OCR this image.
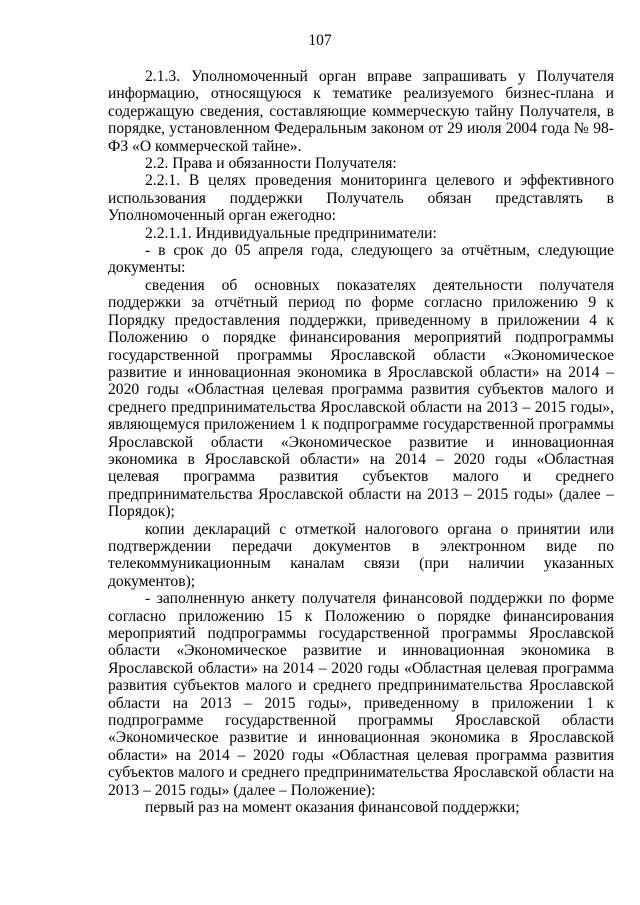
107

2.1.3. Уполномоченный орган вправе запрашивать у Получателя информацию, относящуюся к тематике реализуемого бизнес-плана и содержащую сведения, составляющие коммерческую тайну Получателя, в порядке, установленном Федеральным законом от 29 июля 2004 года № 98-ФЗ «О коммерческой тайне».

2.2. Права и обязанности Получателя:

2.2.1. В целях проведения мониторинга целевого и эффективного использования поддержки Получатель обязан представлять в Уполномоченный орган ежегодно:

2.2.1.1. Индивидуальные предприниматели:

- в срок до 05 апреля года, следующего за отчётным, следующие документы:

сведения об основных показателях деятельности получателя поддержки за отчётный период по форме согласно приложению 9 к Порядку предоставления поддержки, приведенному в приложении 4 к Положению о порядке финансирования мероприятий подпрограммы государственной программы Ярославской области «Экономическое развитие и инновационная экономика в Ярославской области» на 2014 – 2020 годы «Областная целевая программа развития субъектов малого и среднего предпринимательства Ярославской области на 2013 – 2015 годы», являющемуся приложением 1 к подпрограмме государственной программы Ярославской области «Экономическое развитие и инновационная экономика в Ярославской области» на 2014 – 2020 годы «Областная целевая программа развития субъектов малого и среднего предпринимательства Ярославской области на 2013 – 2015 годы» (далее – Порядок);

копии деклараций с отметкой налогового органа о принятии или подтверждении передачи документов в электронном виде по телекоммуникационным каналам связи (при наличии указанных документов);

- заполненную анкету получателя финансовой поддержки по форме согласно приложению 15 к Положению о порядке финансирования мероприятий подпрограммы государственной программы Ярославской области «Экономическое развитие и инновационная экономика в Ярославской области» на 2014 – 2020 годы «Областная целевая программа развития субъектов малого и среднего предпринимательства Ярославской области на 2013 – 2015 годы», приведенному в приложении 1 к подпрограмме государственной программы Ярославской области «Экономическое развитие и инновационная экономика в Ярославской области» на 2014 – 2020 годы «Областная целевая программа развития субъектов малого и среднего предпринимательства Ярославской области на 2013 – 2015 годы» (далее – Положение):

первый раз на момент оказания финансовой поддержки;
